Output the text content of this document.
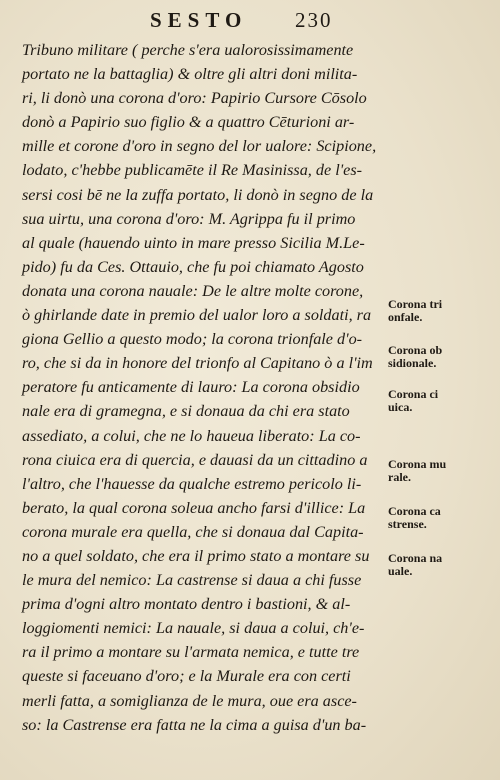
SESTO 230

Tribuno militare ( perche s'era ualorosissimamente
portato ne la battaglia) & oltre gli altri doni milita-
ri, li donò una corona d'oro: Papirio Cursore Cōsolo
donò a Papirio suo figlio & a quattro Cēturioni ar-
mille et corone d'oro in segno del lor ualore: Scipione,
lodato, c'hebbe publicamēte il Re Masinissa, de l'es-
sersi cosi bē ne la zuffa portato, li donò in segno de la
sua uirtu, una corona d'oro: M. Agrippa fu il primo
al quale (hauendo uinto in mare presso Sicilia M.Le-
pido) fu da Ces. Ottauio, che fu poi chiamato Agosto
donata una corona nauale: De le altre molte corone,
ò ghirlande date in premio del ualor loro a soldati, ra
giona Gellio a questo modo; la corona trionfale d'o-
ro, che si da in honore del trionfo al Capitano ò a l'im
peratore fu anticamente di lauro: La corona obsidio
nale era di gramegna, e si donaua da chi era stato
assediato, a colui, che ne lo haueua liberato: La co-
rona ciuica era di quercia, e dauasi da un cittadino a
l'altro, che l'hauesse da qualche estremo pericolo li-
berato, la qual corona soleua ancho farsi d'illice: La
corona murale era quella, che si donaua dal Capita-
no a quel soldato, che era il primo stato a montare su
le mura del nemico: La castrense si daua a chi fusse
prima d'ogni altro montato dentro i bastioni, & al-
loggiomenti nemici: La nauale, si daua a colui, ch'e-
ra il primo a montare su l'armata nemica, e tutte tre
queste si faceuano d'oro; e la Murale era con certi
merli fatta, a somiglianza de le mura, oue era asce-
so: la Castrense era fatta ne la cima a guisa d'un ba-
Corona tri
onfale.
Corona ob
sidionale.
Corona ci
uica.
Corona mu
rale.
Corona ca
strense.
Corona na
uale.
